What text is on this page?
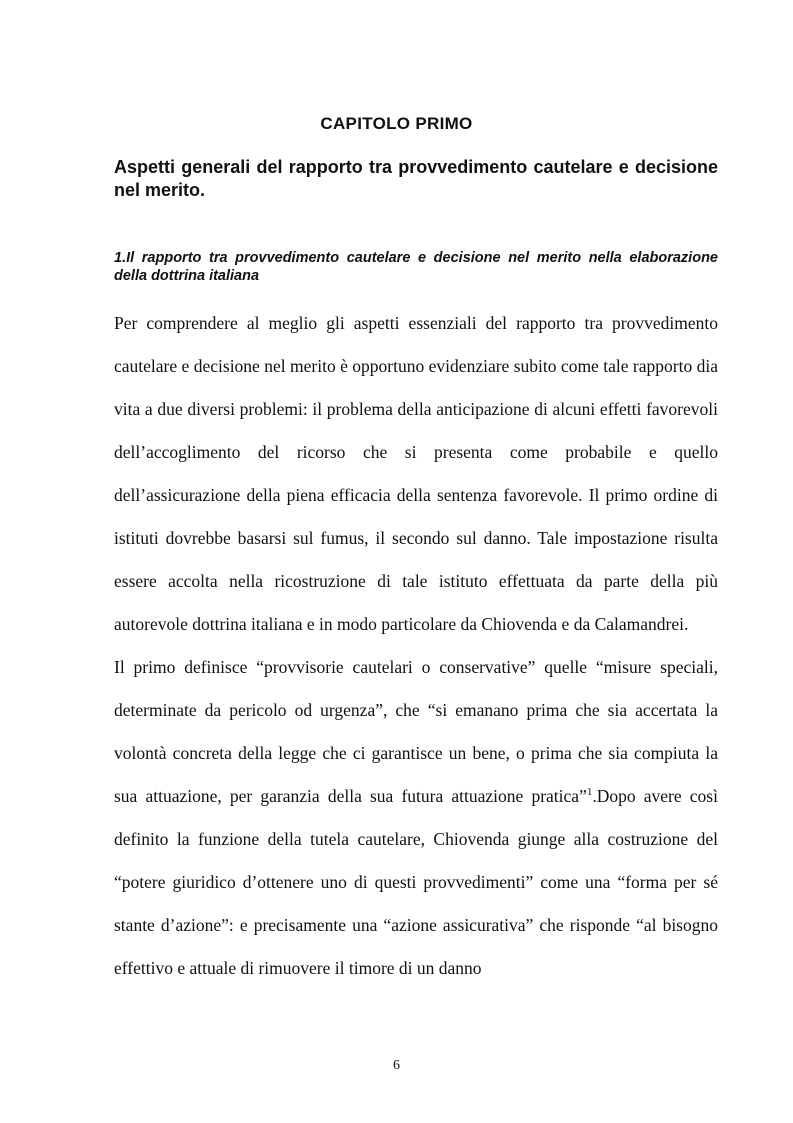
CAPITOLO PRIMO
Aspetti generali del rapporto tra provvedimento cautelare e decisione nel merito.
1.Il rapporto tra provvedimento cautelare e decisione nel merito nella elaborazione della dottrina italiana

Per comprendere al meglio gli aspetti essenziali del rapporto tra provvedimento cautelare e decisione nel merito è opportuno evidenziare subito come tale rapporto dia vita a due diversi problemi: il problema della anticipazione di alcuni effetti favorevoli dell’accoglimento del ricorso che si presenta come probabile e quello dell’assicurazione della piena efficacia della sentenza favorevole. Il primo ordine di istituti dovrebbe basarsi sul fumus, il secondo sul danno. Tale impostazione risulta essere accolta nella ricostruzione di tale istituto effettuata da parte della più autorevole dottrina italiana e in modo particolare da Chiovenda e da Calamandrei.

Il primo definisce “provvisorie cautelari o conservative” quelle “misure speciali, determinate da pericolo od urgenza”, che “si emanano prima che sia accertata la volontà concreta della legge che ci garantisce un bene, o prima che sia compiuta la sua attuazione, per garanzia della sua futura attuazione pratica”$^1$.Dopo avere così definito la funzione della tutela cautelare, Chiovenda giunge alla costruzione del “potere giuridico d’ottenere uno di questi provvedimenti” come una “forma per sé stante d’azione”: e precisamente una “azione assicurativa” che risponde “al bisogno effettivo e attuale di rimuovere il timore di un danno

6
